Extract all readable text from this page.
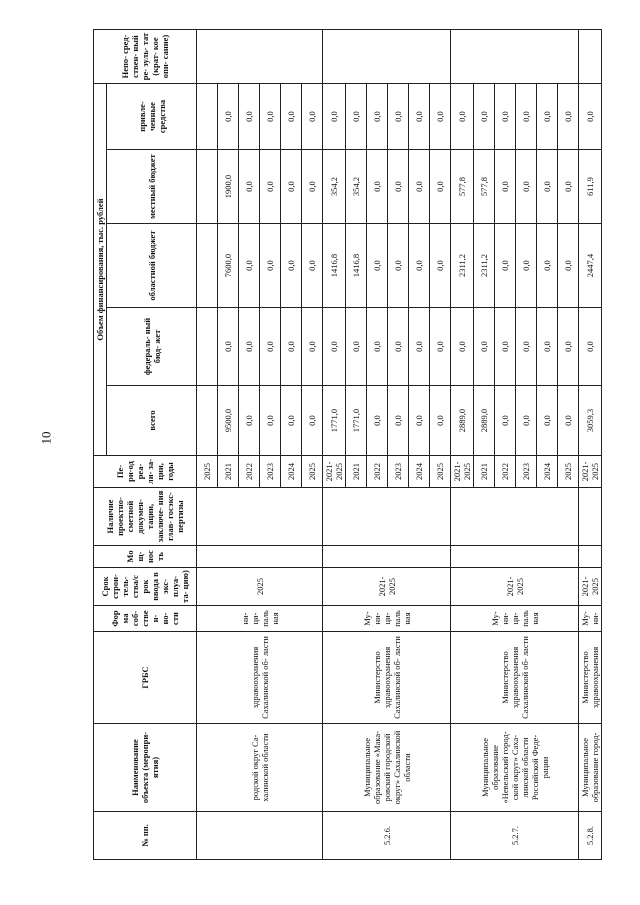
10
№ пп.	Наименование объекта (меропри- ятия)	ГРБС	Фор ма соб- стве н- но- сти	Срок строи- тель- ства/с рок ввода в экс- плуа- та- цию)	Мо щ- нос ть	Наличие проектно- сметной докумен- тации, заключе- ния глав- госэкс- пертизы	Пе- ри-од реа- ли- за- ции, годы	Объем финансирования, тыс. рублей					Непо- сред- ствен- ный ре- зуль- тат (крат- кое опи- сание)
								всего	федераль- ный бюд- жет	областной бюджет	местный бюджет	привле- ченные средства	
	родской округ Са- халинской области	здравоохранения Сахалинской об- ласти	ни- ци- паль ная	2025			2025						
							2021	9500,0	0,0	7600,0	1900,0	0,0	
							2022	0,0	0,0	0,0	0,0	0,0	
							2023	0,0	0,0	0,0	0,0	0,0	
							2024	0,0	0,0	0,0	0,0	0,0	
							2025	0,0	0,0	0,0	0,0	0,0	
5.2.6.	Муниципальное образование «Мака- ровский городской округ» Сахалинской области	Министерство здравоохранения Сахалинской об- ласти	Му- ни- ци- паль ная	2021- 2025			2021- 2025	1771,0	0,0	1416,8	354,2	0,0	
							2021	1771,0	0,0	1416,8	354,2	0,0	
							2022	0,0	0,0	0,0	0,0	0,0	
							2023	0,0	0,0	0,0	0,0	0,0	
							2024	0,0	0,0	0,0	0,0	0,0	
							2025	0,0	0,0	0,0	0,0	0,0	
5.2.7.	Муниципальное образование «Невельский город- ской округ» Саха- линской области Российской Феде- рации	Министерство здравоохранения Сахалинской об- ласти	Му- ни- ци- паль ная	2021- 2025			2021- 2025	2889,0	0,0	2311,2	577,8	0,0	
							2021	2889,0	0,0	2311,2	577,8	0,0	
							2022	0,0	0,0	0,0	0,0	0,0	
							2023	0,0	0,0	0,0	0,0	0,0	
							2024	0,0	0,0	0,0	0,0	0,0	
							2025	0,0	0,0	0,0	0,0	0,0	
5.2.8.	Муниципальное образование город-	Министерство здравоохранения	Му- ни-	2021- 2025			2021- 2025	3059,3	0,0	2447,4	611,9	0,0	
